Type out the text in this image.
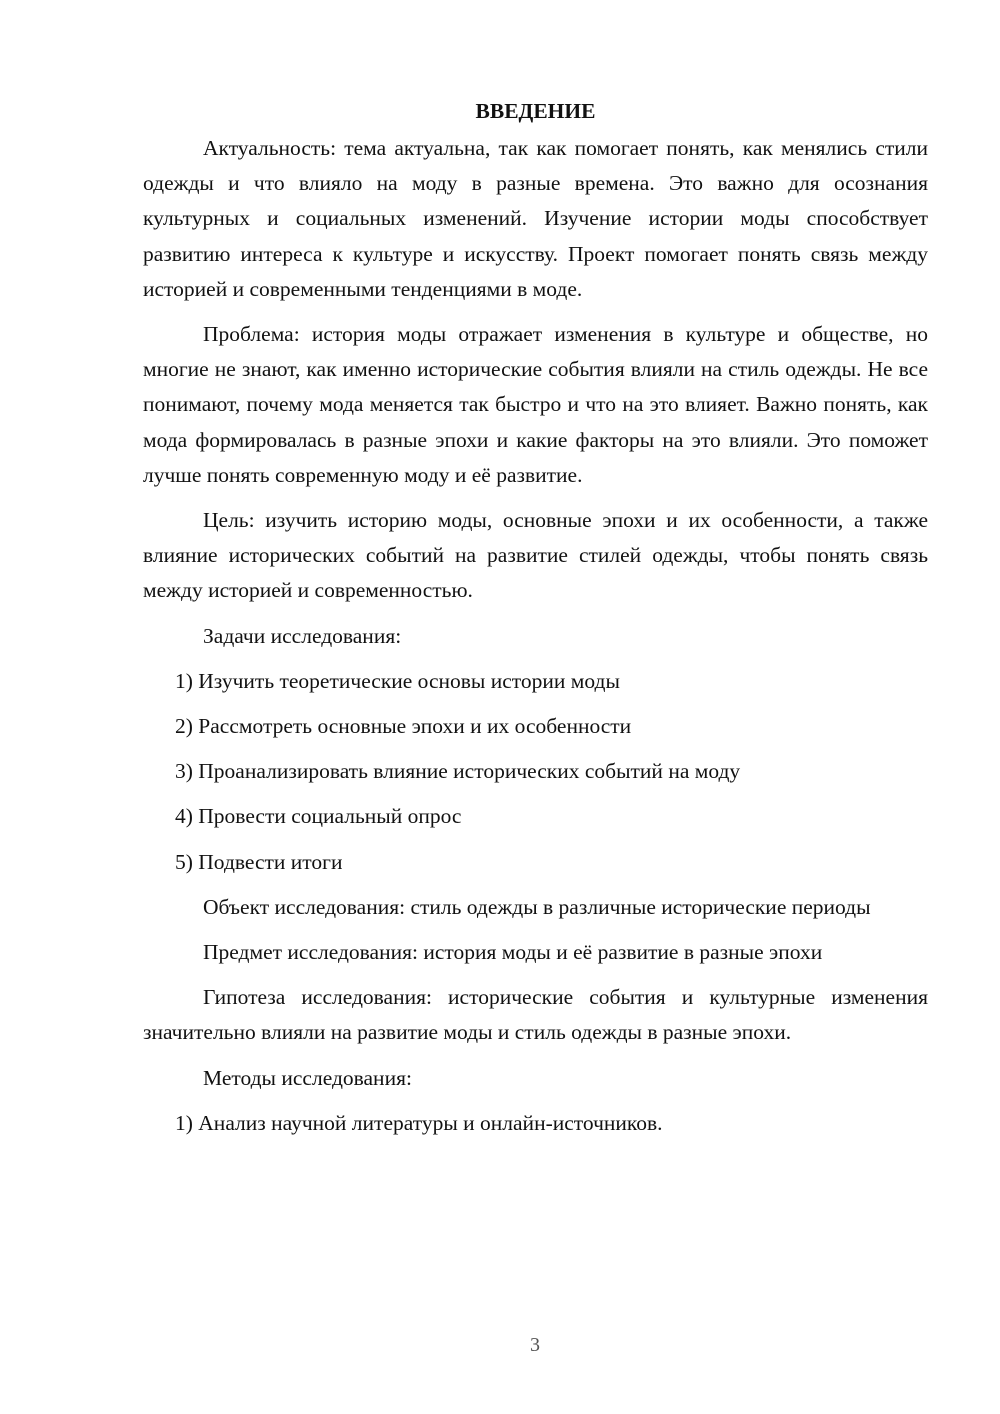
ВВЕДЕНИЕ

Актуальность: тема актуальна, так как помогает понять, как менялись стили одежды и что влияло на моду в разные времена. Это важно для осознания культурных и социальных изменений. Изучение истории моды способствует развитию интереса к культуре и искусству. Проект помогает понять связь между историей и современными тенденциями в моде.

Проблема: история моды отражает изменения в культуре и обществе, но многие не знают, как именно исторические события влияли на стиль одежды. Не все понимают, почему мода меняется так быстро и что на это влияет. Важно понять, как мода формировалась в разные эпохи и какие факторы на это влияли. Это поможет лучше понять современную моду и её развитие.

Цель: изучить историю моды, основные эпохи и их особенности, а также влияние исторических событий на развитие стилей одежды, чтобы понять связь между историей и современностью.

Задачи исследования:

1) Изучить теоретические основы истории моды

2) Рассмотреть основные эпохи и их особенности

3) Проанализировать влияние исторических событий на моду

4) Провести социальный опрос

5) Подвести итоги

Объект исследования: стиль одежды в различные исторические периоды

Предмет исследования: история моды и её развитие в разные эпохи

Гипотеза исследования: исторические события и культурные изменения значительно влияли на развитие моды и стиль одежды в разные эпохи.

Методы исследования:

1) Анализ научной литературы и онлайн-источников.

3
